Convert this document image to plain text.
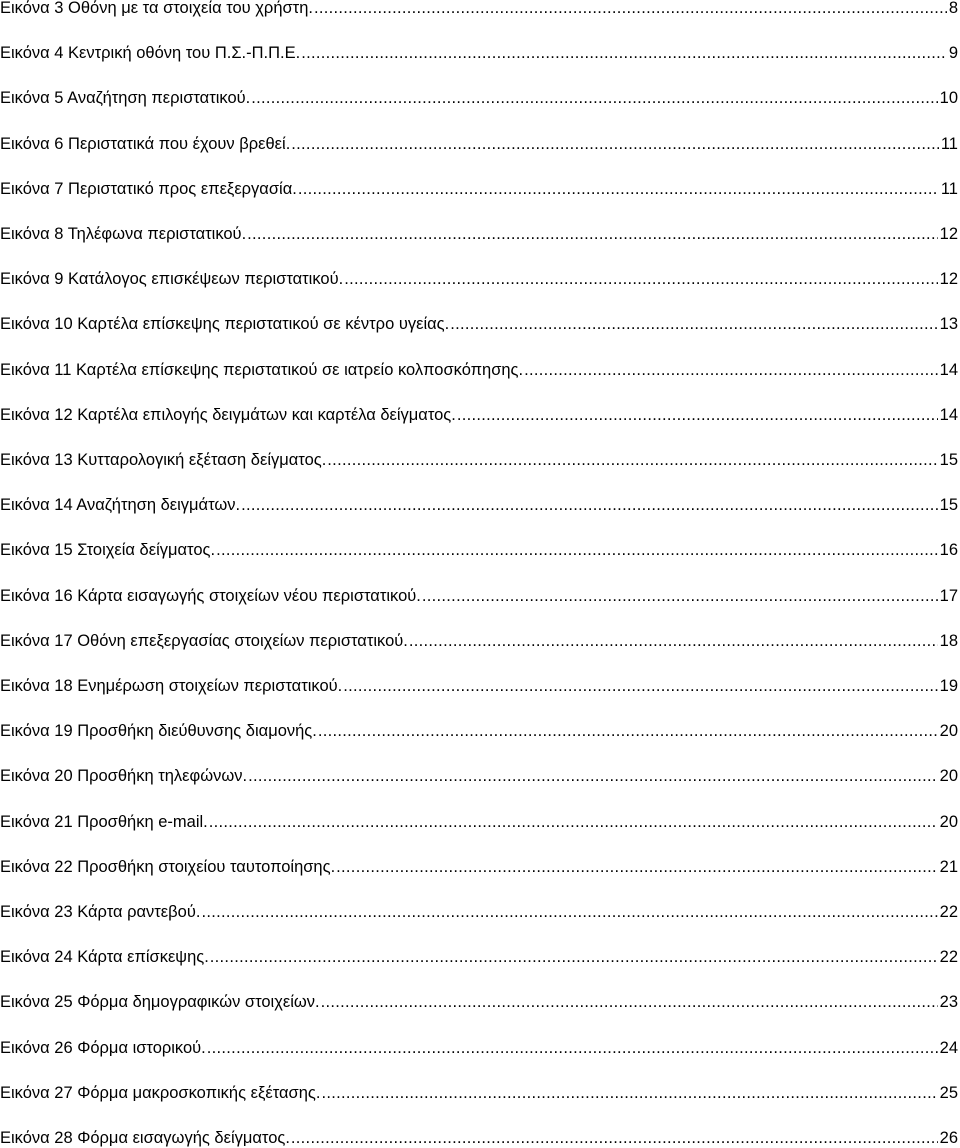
Εικόνα 3 Οθόνη με τα στοιχεία του χρήστη. .....	8
Εικόνα 4 Κεντρική οθόνη του Π.Σ.-Π.Π.Ε. .....	9
Εικόνα 5 Αναζήτηση περιστατικού. .....	10
Εικόνα 6 Περιστατικά που έχουν βρεθεί. .....	11
Εικόνα 7 Περιστατικό προς επεξεργασία. .....	11
Εικόνα 8 Τηλέφωνα περιστατικού. .....	12
Εικόνα 9 Κατάλογος επισκέψεων περιστατικού. .....	12
Εικόνα 10 Καρτέλα επίσκεψης περιστατικού σε κέντρο υγείας. .....	13
Εικόνα 11 Καρτέλα επίσκεψης περιστατικού σε ιατρείο κολποσκόπησης. .....	14
Εικόνα 12 Καρτέλα επιλογής δειγμάτων και καρτέλα δείγματος. .....	14
Εικόνα 13 Κυτταρολογική εξέταση δείγματος. .....	15
Εικόνα 14 Αναζήτηση δειγμάτων. .....	15
Εικόνα 15 Στοιχεία δείγματος. .....	16
Εικόνα 16 Κάρτα εισαγωγής στοιχείων νέου περιστατικού. .....	17
Εικόνα 17 Οθόνη επεξεργασίας στοιχείων περιστατικού. .....	18
Εικόνα 18 Ενημέρωση στοιχείων περιστατικού. .....	19
Εικόνα 19 Προσθήκη διεύθυνσης διαμονής. .....	20
Εικόνα 20 Προσθήκη τηλεφώνων. .....	20
Εικόνα 21 Προσθήκη e-mail. .....	20
Εικόνα 22 Προσθήκη στοιχείου ταυτοποίησης. .....	21
Εικόνα 23 Κάρτα ραντεβού. .....	22
Εικόνα 24 Κάρτα επίσκεψης. .....	22
Εικόνα 25 Φόρμα δημογραφικών στοιχείων. .....	23
Εικόνα 26 Φόρμα ιστορικού. .....	24
Εικόνα 27 Φόρμα μακροσκοπικής εξέτασης. .....	25
Εικόνα 28 Φόρμα εισαγωγής δείγματος. .....	26
